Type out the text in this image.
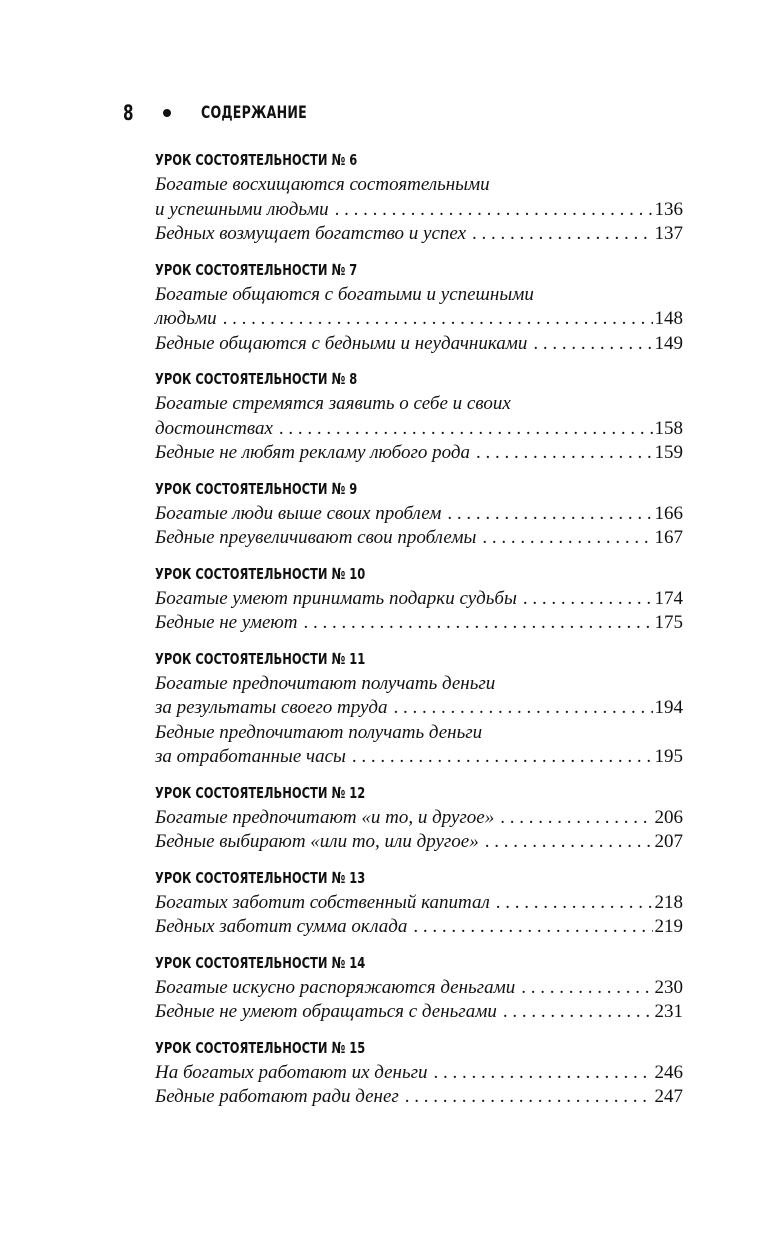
8	СОДЕРЖАНИЕ
УРОК СОСТОЯТЕЛЬНОСТИ № 6
Богатые восхищаются состоятельными
и успешными людьми . . .	136
Бедных возмущает богатство и успех . . .	137
УРОК СОСТОЯТЕЛЬНОСТИ № 7
Богатые общаются с богатыми и успешными
людьми . . .	148
Бедные общаются с бедными и неудачниками . . .	149
УРОК СОСТОЯТЕЛЬНОСТИ № 8
Богатые стремятся заявить о себе и своих
достоинствах . . .	158
Бедные не любят рекламу любого рода . . .	159
УРОК СОСТОЯТЕЛЬНОСТИ № 9
Богатые люди выше своих проблем . . .	166
Бедные преувеличивают свои проблемы . . .	167
УРОК СОСТОЯТЕЛЬНОСТИ № 10
Богатые умеют принимать подарки судьбы . . .	174
Бедные не умеют . . .	175
УРОК СОСТОЯТЕЛЬНОСТИ № 11
Богатые предпочитают получать деньги
за результаты своего труда . . .	194
Бедные предпочитают получать деньги
за отработанные часы . . .	195
УРОК СОСТОЯТЕЛЬНОСТИ № 12
Богатые предпочитают «и то, и другое» . . .	206
Бедные выбирают «или то, или другое» . . .	207
УРОК СОСТОЯТЕЛЬНОСТИ № 13
Богатых заботит собственный капитал . . .	218
Бедных заботит сумма оклада . . .	219
УРОК СОСТОЯТЕЛЬНОСТИ № 14
Богатые искусно распоряжаются деньгами . . .	230
Бедные не умеют обращаться с деньгами . . .	231
УРОК СОСТОЯТЕЛЬНОСТИ № 15
На богатых работают их деньги . . .	246
Бедные работают ради денег . . .	247
